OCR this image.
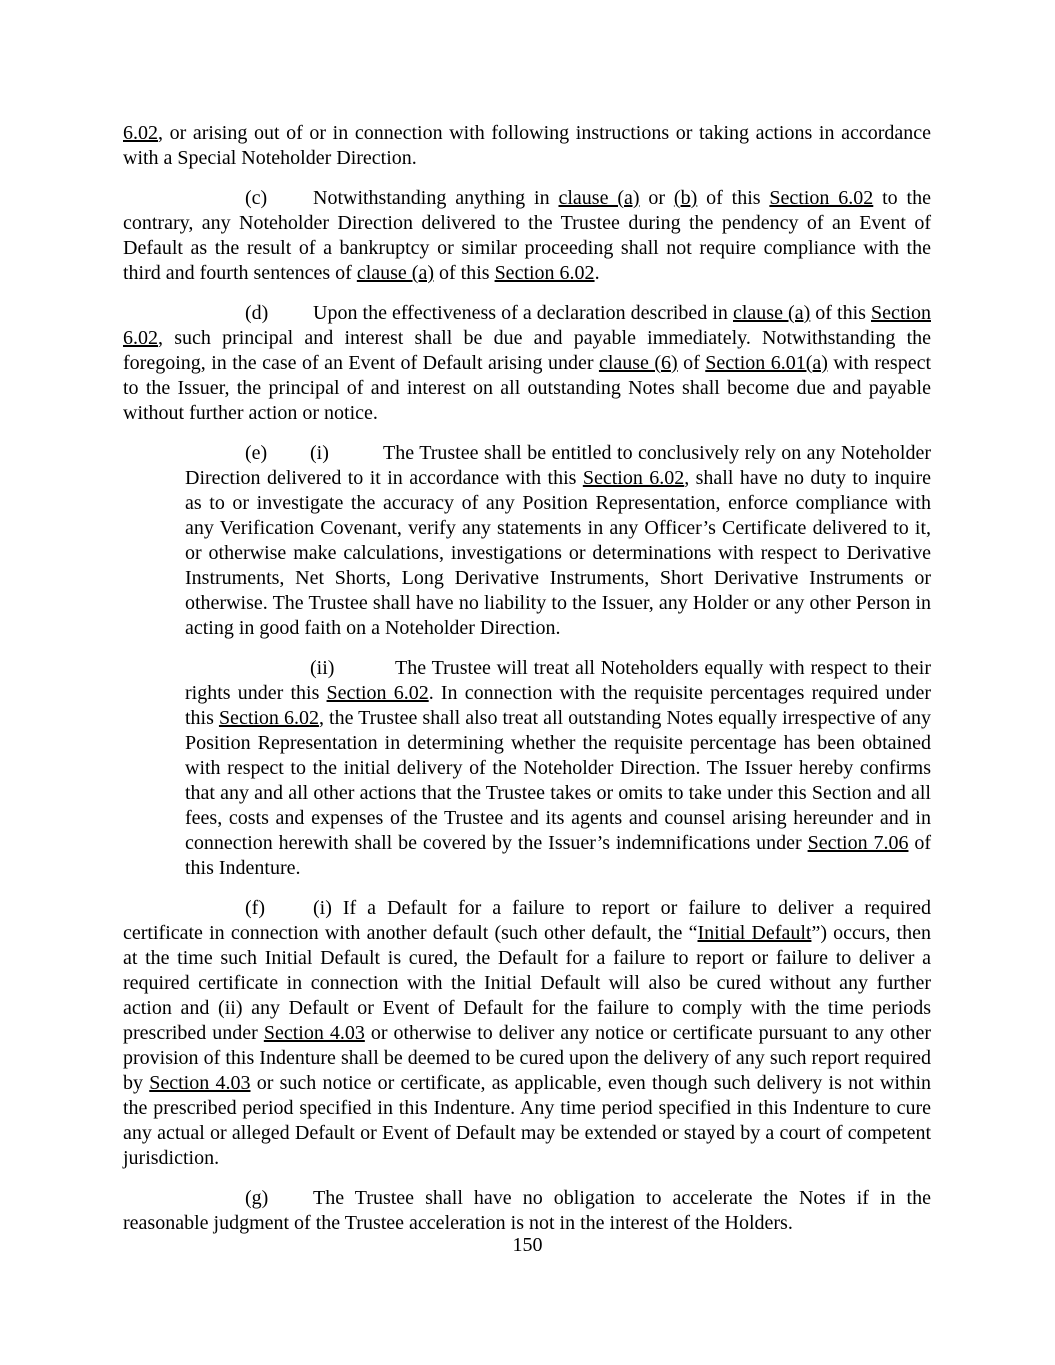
6.02, or arising out of or in connection with following instructions or taking actions in accordance with a Special Noteholder Direction.

(c) Notwithstanding anything in clause (a) or (b) of this Section 6.02 to the contrary, any Noteholder Direction delivered to the Trustee during the pendency of an Event of Default as the result of a bankruptcy or similar proceeding shall not require compliance with the third and fourth sentences of clause (a) of this Section 6.02.

(d) Upon the effectiveness of a declaration described in clause (a) of this Section 6.02, such principal and interest shall be due and payable immediately. Notwithstanding the foregoing, in the case of an Event of Default arising under clause (6) of Section 6.01(a) with respect to the Issuer, the principal of and interest on all outstanding Notes shall become due and payable without further action or notice.

(e) (i)	The Trustee shall be entitled to conclusively rely on any Noteholder Direction delivered to it in accordance with this Section 6.02, shall have no duty to inquire as to or investigate the accuracy of any Position Representation, enforce compliance with any Verification Covenant, verify any statements in any Officer’s Certificate delivered to it, or otherwise make calculations, investigations or determinations with respect to Derivative Instruments, Net Shorts, Long Derivative Instruments, Short Derivative Instruments or otherwise. The Trustee shall have no liability to the Issuer, any Holder or any other Person in acting in good faith on a Noteholder Direction.

(ii)	The Trustee will treat all Noteholders equally with respect to their rights under this Section 6.02. In connection with the requisite percentages required under this Section 6.02, the Trustee shall also treat all outstanding Notes equally irrespective of any Position Representation in determining whether the requisite percentage has been obtained with respect to the initial delivery of the Noteholder Direction. The Issuer hereby confirms that any and all other actions that the Trustee takes or omits to take under this Section and all fees, costs and expenses of the Trustee and its agents and counsel arising hereunder and in connection herewith shall be covered by the Issuer’s indemnifications under Section 7.06 of this Indenture.

(f) (i) If a Default for a failure to report or failure to deliver a required certificate in connection with another default (such other default, the “Initial Default”) occurs, then at the time such Initial Default is cured, the Default for a failure to report or failure to deliver a required certificate in connection with the Initial Default will also be cured without any further action and (ii) any Default or Event of Default for the failure to comply with the time periods prescribed under Section 4.03 or otherwise to deliver any notice or certificate pursuant to any other provision of this Indenture shall be deemed to be cured upon the delivery of any such report required by Section 4.03 or such notice or certificate, as applicable, even though such delivery is not within the prescribed period specified in this Indenture. Any time period specified in this Indenture to cure any actual or alleged Default or Event of Default may be extended or stayed by a court of competent jurisdiction.

(g) The Trustee shall have no obligation to accelerate the Notes if in the reasonable judgment of the Trustee acceleration is not in the interest of the Holders.

150
